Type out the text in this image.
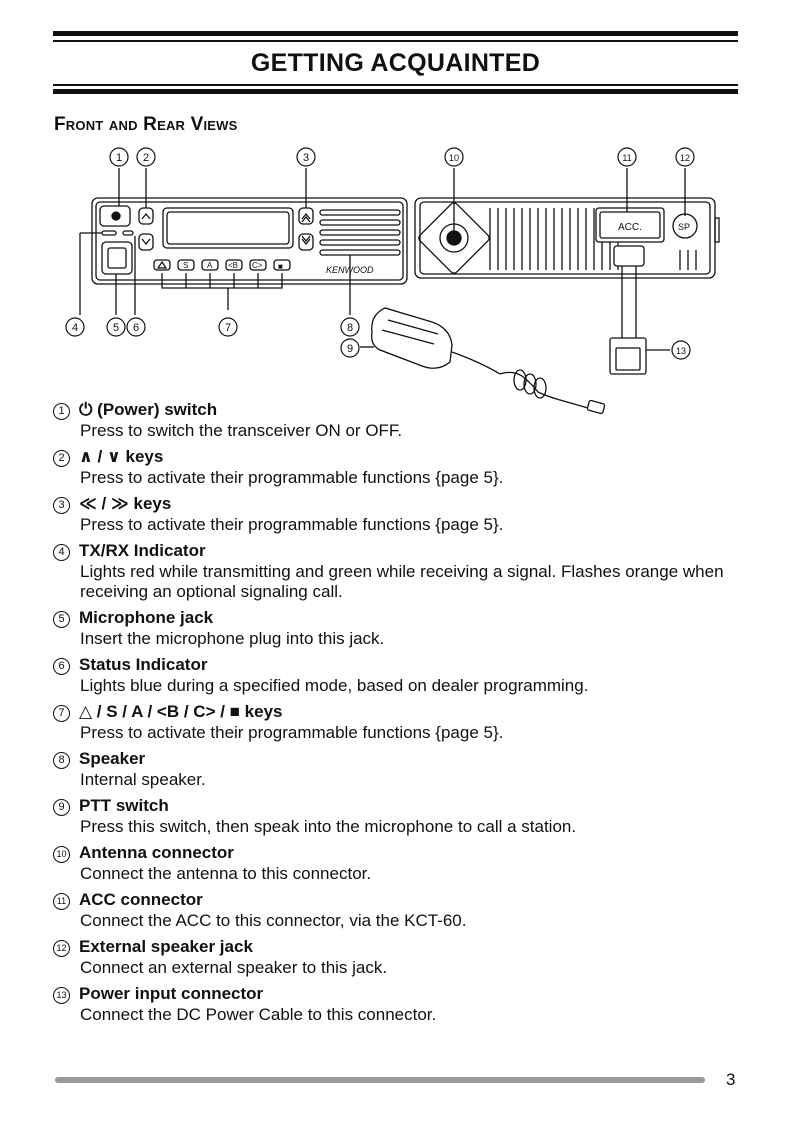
GETTING ACQUAINTED
Front and Rear Views
KENWOOD
S A <B C> ■
ACC.	SP
1 2	3
4	5 6	7	8
9
10	11	12
13
1 ⏻ (Power) switch
Press to switch the transceiver ON or OFF.
2 ∧ / ∨ keys
Press to activate their programmable functions {page 5}.
3 ≪ / ≫ keys
Press to activate their programmable functions {page 5}.
4 TX/RX Indicator
Lights red while transmitting and green while receiving a signal. Flashes orange when receiving an optional signaling call.
5 Microphone jack
Insert the microphone plug into this jack.
6 Status Indicator
Lights blue during a specified mode, based on dealer programming.
7 △ / S / A / <B / C> / ■ keys
Press to activate their programmable functions {page 5}.
8 Speaker
Internal speaker.
9 PTT switch
Press this switch, then speak into the microphone to call a station.
10 Antenna connector
Connect the antenna to this connector.
11 ACC connector
Connect the ACC to this connector, via the KCT-60.
12 External speaker jack
Connect an external speaker to this jack.
13 Power input connector
Connect the DC Power Cable to this connector.
3
